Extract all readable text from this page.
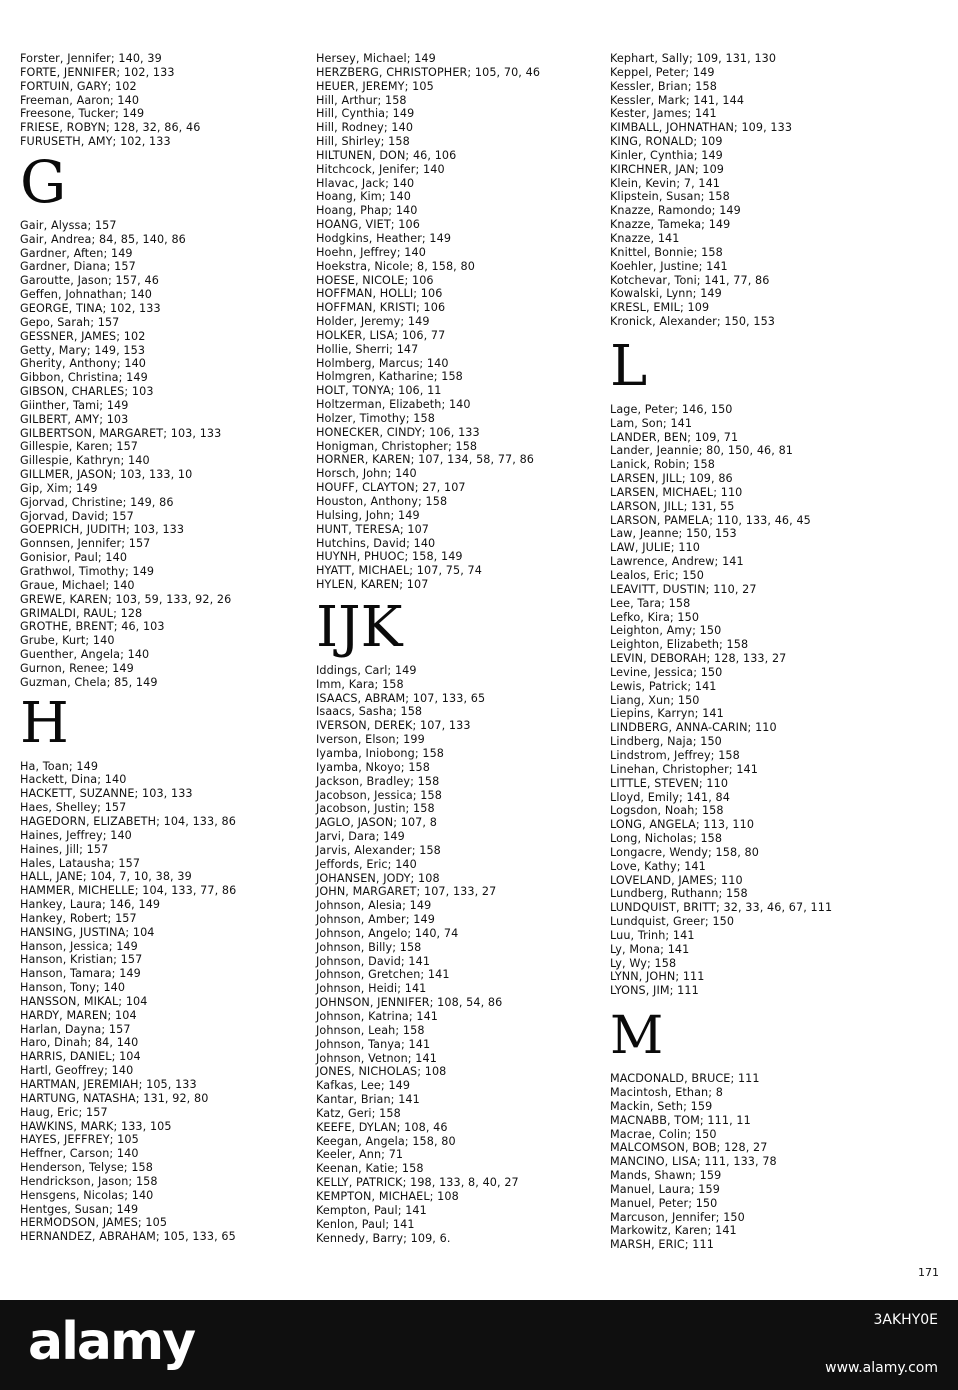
Forster, Jennifer; 140, 39
FORTE, JENNIFER; 102, 133
FORTUIN, GARY; 102
Freeman, Aaron; 140
Freesone, Tucker; 149
FRIESE, ROBYN; 128, 32, 86, 46
FURUSETH, AMY; 102, 133
G
Gair, Alyssa; 157
Gair, Andrea; 84, 85, 140, 86
Gardner, Aften; 149
Gardner, Diana; 157
Garoutte, Jason; 157, 46
Geffen, Johnathan; 140
GEORGE, TINA; 102, 133
Gepo, Sarah; 157
GESSNER, JAMES; 102
Getty, Mary; 149, 153
Gherity, Anthony; 140
Gibbon, Christina; 149
GIBSON, CHARLES; 103
Giinther, Tami; 149
GILBERT, AMY; 103
GILBERTSON, MARGARET; 103, 133
Gillespie, Karen; 157
Gillespie, Kathryn; 140
GILLMER, JASON; 103, 133, 10
Gip, Xim; 149
Gjorvad, Christine; 149, 86
Gjorvad, David; 157
GOEPRICH, JUDITH; 103, 133
Gonnsen, Jennifer; 157
Gonisior, Paul; 140
Grathwol, Timothy; 149
Graue, Michael; 140
GREWE, KAREN; 103, 59, 133, 92, 26
GRIMALDI, RAUL; 128
GROTHE, BRENT; 46, 103
Grube, Kurt; 140
Guenther, Angela; 140
Gurnon, Renee; 149
Guzman, Chela; 85, 149
H
Ha, Toan; 149
Hackett, Dina; 140
HACKETT, SUZANNE; 103, 133
Haes, Shelley; 157
HAGEDORN, ELIZABETH; 104, 133, 86
Haines, Jeffrey; 140
Haines, Jill; 157
Hales, Latausha; 157
HALL, JANE; 104, 7, 10, 38, 39
HAMMER, MICHELLE; 104, 133, 77, 86
Hankey, Laura; 146, 149
Hankey, Robert; 157
HANSING, JUSTINA; 104
Hanson, Jessica; 149
Hanson, Kristian; 157
Hanson, Tamara; 149
Hanson, Tony; 140
HANSSON, MIKAL; 104
HARDY, MAREN; 104
Harlan, Dayna; 157
Haro, Dinah; 84, 140
HARRIS, DANIEL; 104
Hartl, Geoffrey; 140
HARTMAN, JEREMIAH; 105, 133
HARTUNG, NATASHA; 131, 92, 80
Haug, Eric; 157
HAWKINS, MARK; 133, 105
HAYES, JEFFREY; 105
Heffner, Carson; 140
Henderson, Telyse; 158
Hendrickson, Jason; 158
Hensgens, Nicolas; 140
Hentges, Susan; 149
HERMODSON, JAMES; 105
HERNANDEZ, ABRAHAM; 105, 133, 65
Hersey, Michael; 149
HERZBERG, CHRISTOPHER; 105, 70, 46
HEUER, JEREMY; 105
Hill, Arthur; 158
Hill, Cynthia; 149
Hill, Rodney; 140
Hill, Shirley; 158
HILTUNEN, DON; 46, 106
Hitchcock, Jenifer; 140
Hlavac, Jack; 140
Hoang, Kim; 140
Hoang, Phap; 140
HOANG, VIET; 106
Hodgkins, Heather; 149
Hoehn, Jeffrey; 140
Hoekstra, Nicole; 8, 158, 80
HOESE, NICOLE; 106
HOFFMAN, HOLLI; 106
HOFFMAN, KRISTI; 106
Holder, Jeremy; 149
HOLKER, LISA; 106, 77
Hollie, Sherri; 147
Holmberg, Marcus; 140
Holmgren, Katharine; 158
HOLT, TONYA; 106, 11
Holtzerman, Elizabeth; 140
Holzer, Timothy; 158
HONECKER, CINDY; 106, 133
Honigman, Christopher; 158
HORNER, KAREN; 107, 134, 58, 77, 86
Horsch, John; 140
HOUFF, CLAYTON; 27, 107
Houston, Anthony; 158
Hulsing, John; 149
HUNT, TERESA; 107
Hutchins, David; 140
HUYNH, PHUOC; 158, 149
HYATT, MICHAEL; 107, 75, 74
HYLEN, KAREN; 107
IJK
Iddings, Carl; 149
Imm, Kara; 158
ISAACS, ABRAM; 107, 133, 65
Isaacs, Sasha; 158
IVERSON, DEREK; 107, 133
Iverson, Elson; 199
Iyamba, Iniobong; 158
Iyamba, Nkoyo; 158
Jackson, Bradley; 158
Jacobson, Jessica; 158
Jacobson, Justin; 158
JAGLO, JASON; 107, 8
Jarvi, Dara; 149
Jarvis, Alexander; 158
Jeffords, Eric; 140
JOHANSEN, JODY; 108
JOHN, MARGARET; 107, 133, 27
Johnson, Alesia; 149
Johnson, Amber; 149
Johnson, Angelo; 140, 74
Johnson, Billy; 158
Johnson, David; 141
Johnson, Gretchen; 141
Johnson, Heidi; 141
JOHNSON, JENNIFER; 108, 54, 86
Johnson, Katrina; 141
Johnson, Leah; 158
Johnson, Tanya; 141
Johnson, Vetnon; 141
JONES, NICHOLAS; 108
Kafkas, Lee; 149
Kantar, Brian; 141
Katz, Geri; 158
KEEFE, DYLAN; 108, 46
Keegan, Angela; 158, 80
Keeler, Ann; 71
Keenan, Katie; 158
KELLY, PATRICK; 198, 133, 8, 40, 27
KEMPTON, MICHAEL; 108
Kempton, Paul; 141
Kenlon, Paul; 141
Kennedy, Barry; 109, 6.
Kephart, Sally; 109, 131, 130
Keppel, Peter; 149
Kessler, Brian; 158
Kessler, Mark; 141, 144
Kester, James; 141
KIMBALL, JOHNATHAN; 109, 133
KING, RONALD; 109
Kinler, Cynthia; 149
KIRCHNER, JAN; 109
Klein, Kevin; 7, 141
Klipstein, Susan; 158
Knazze, Ramondo; 149
Knazze, Tameka; 149
Knazze, 141
Knittel, Bonnie; 158
Koehler, Justine; 141
Kotchevar, Toni; 141, 77, 86
Kowalski, Lynn; 149
KRESL, EMIL; 109
Kronick, Alexander; 150, 153
L
Lage, Peter; 146, 150
Lam, Son; 141
LANDER, BEN; 109, 71
Lander, Jeannie; 80, 150, 46, 81
Lanick, Robin; 158
LARSEN, JILL; 109, 86
LARSEN, MICHAEL; 110
LARSON, JILL; 131, 55
LARSON, PAMELA; 110, 133, 46, 45
Law, Jeanne; 150, 153
LAW, JULIE; 110
Lawrence, Andrew; 141
Lealos, Eric; 150
LEAVITT, DUSTIN; 110, 27
Lee, Tara; 158
Lefko, Kira; 150
Leighton, Amy; 150
Leighton, Elizabeth; 158
LEVIN, DEBORAH; 128, 133, 27
Levine, Jessica; 150
Lewis, Patrick; 141
Liang, Xun; 150
Liepins, Karryn; 141
LINDBERG, ANNA-CARIN; 110
Lindberg, Naja; 150
Lindstrom, Jeffrey; 158
Linehan, Christopher; 141
LITTLE, STEVEN; 110
Lloyd, Emily; 141, 84
Logsdon, Noah; 158
LONG, ANGELA; 113, 110
Long, Nicholas; 158
Longacre, Wendy; 158, 80
Love, Kathy; 141
LOVELAND, JAMES; 110
Lundberg, Ruthann; 158
LUNDQUIST, BRITT; 32, 33, 46, 67, 111
Lundquist, Greer; 150
Luu, Trinh; 141
Ly, Mona; 141
Ly, Wy; 158
LYNN, JOHN; 111
LYONS, JIM; 111
M
MACDONALD, BRUCE; 111
Macintosh, Ethan; 8
Mackin, Seth; 159
MACNABB, TOM; 111, 11
Macrae, Colin; 150
MALCOMSON, BOB; 128, 27
MANCINO, LISA; 111, 133, 78
Mands, Shawn; 159
Manuel, Laura; 159
Manuel, Peter; 150
Marcuson, Jennifer; 150
Markowitz, Karen; 141
MARSH, ERIC; 111
171
alamy	3AKHY0E
www.alamy.com
